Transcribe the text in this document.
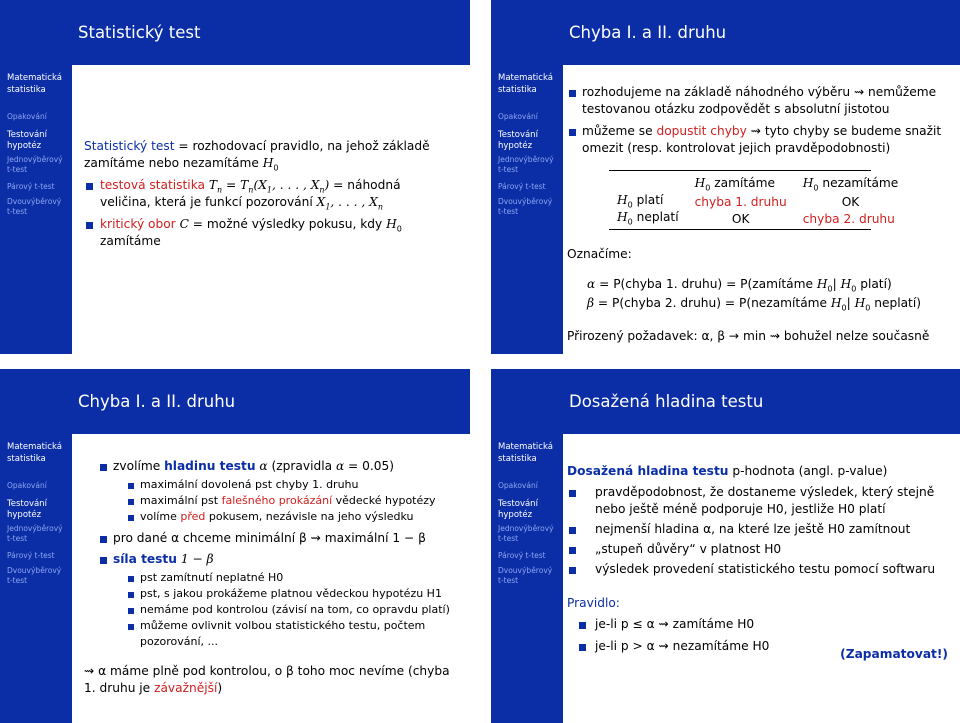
Statistický test
Matematická
statistika
Opakování
Testování
hypotéz
Jednovýběrový
t-test
Párový t-test
Dvouvýběrový
t-test
Statistický test = rozhodovací pravidlo, na jehož základě
zamítáme nebo nezamítáme $H_0$
testová statistika $T_n = T_n(X_1$, . . . , $X_n$) = náhodná
veličina, která je funkcí pozorování $X_1$, . . . , $X_n$
kritický obor C = možné výsledky pokusu, kdy $H_0$
zamítáme
Chyba I. a II. druhu
Matematická
statistika
Opakování
Testování
hypotéz
Jednovýběrový
t-test
Párový t-test
Dvouvýběrový
t-test
rozhodujeme na základě náhodného výběru ⇝ nemůžeme
testovanou otázku zodpovědět s absolutní jistotou
můžeme se dopustit chyby ⇝ tyto chyby se budeme snažit
omezit (resp. kontrolovat jejich pravděpodobnosti)
	$H_0$ zamítáme	$H_0$ nezamítáme
$H_0$ platí	chyba 1. druhu	OK
$H_0$ neplatí	OK	chyba 2. druhu
Označíme:
α = P(chyba 1. druhu) = P(zamítáme $H_0|$ $H_0$ platí)
β = P(chyba 2. druhu) = P(nezamítáme $H_0|$ $H_0$ neplatí)
Přirozený požadavek: α, β → min ⇝ bohužel nelze současně
Chyba I. a II. druhu
Matematická
statistika
Opakování
Testování
hypotéz
Jednovýběrový
t-test
Párový t-test
Dvouvýběrový
t-test
zvolíme hladinu testu α (zpravidla α = 0.05)
maximální dovolená pst chyby 1. druhu
maximální pst falešného prokázání vědecké hypotézy
volíme před pokusem, nezávisle na jeho výsledku
pro dané α chceme minimální β ⇝ maximální 1 − β
síla testu 1 − β
pst zamítnutí neplatné H0
pst, s jakou prokážeme platnou vědeckou hypotézu H1
nemáme pod kontrolou (závisí na tom, co opravdu platí)
můžeme ovlivnit volbou statistického testu, počtem
pozorování, ...
⇝ α máme plně pod kontrolou, o β toho moc nevíme (chyba
1. druhu je závažnější)
Dosažená hladina testu
Matematická
statistika
Opakování
Testování
hypotéz
Jednovýběrový
t-test
Párový t-test
Dvouvýběrový
t-test
Dosažená hladina testu p-hodnota (angl. p-value)
pravděpodobnost, že dostaneme výsledek, který stejně
nebo ještě méně podporuje H0, jestliže H0 platí
nejmenší hladina α, na které lze ještě H0 zamítnout
„stupeň důvěry“ v platnost H0
výsledek provedení statistického testu pomocí softwaru
Pravidlo:
je-li p ≤ α ⇝ zamítáme H0
je-li p > α ⇝ nezamítáme H0
(Zapamatovat!)
